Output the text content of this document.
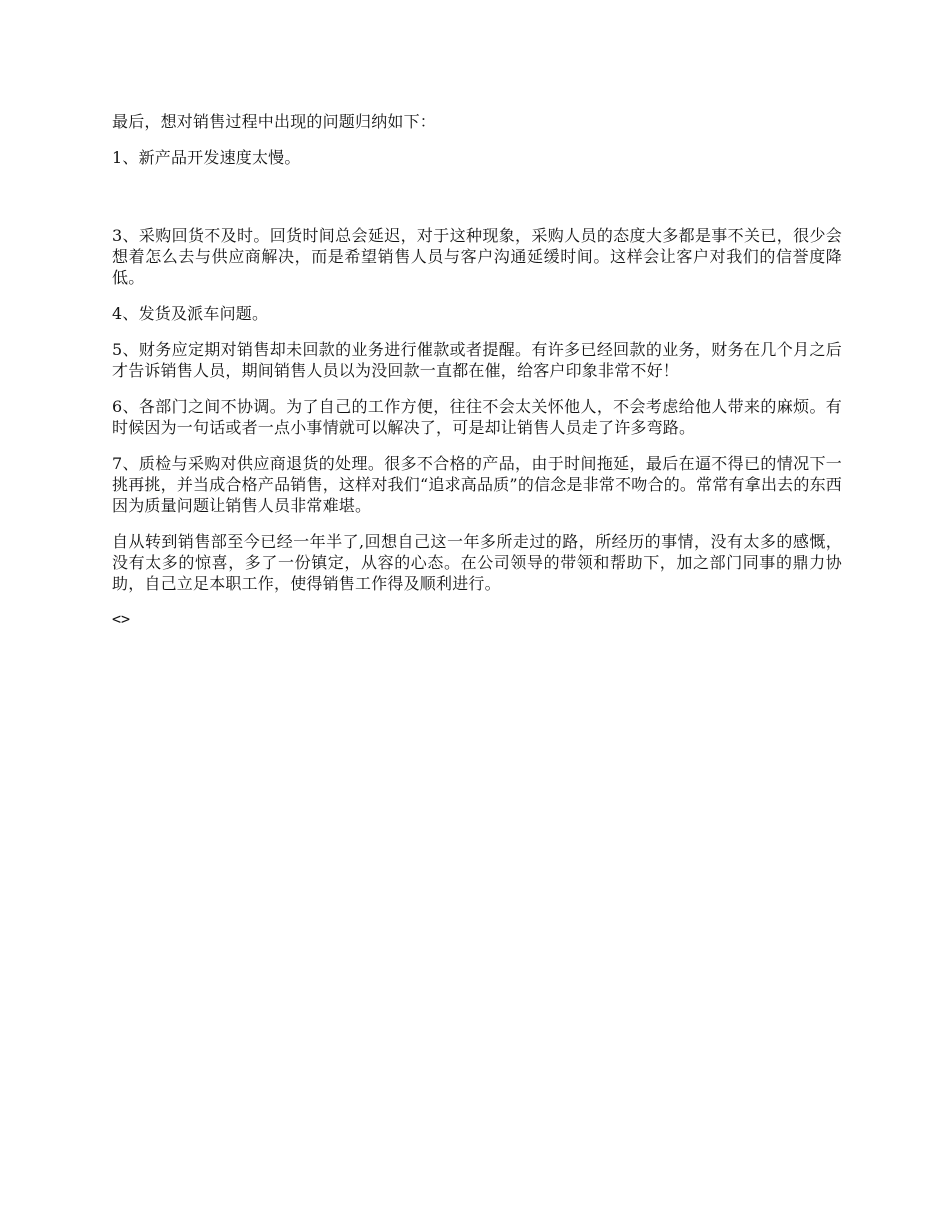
最后，想对销售过程中出现的问题归纳如下：

1、新产品开发速度太慢。

3、采购回货不及时。回货时间总会延迟，对于这种现象，采购人员的态度大多都是事不关已，很少会想着怎么去与供应商解决，而是希望销售人员与客户沟通延缓时间。这样会让客户对我们的信誉度降低。

4、发货及派车问题。

5、财务应定期对销售却未回款的业务进行催款或者提醒。有许多已经回款的业务，财务在几个月之后才告诉销售人员，期间销售人员以为没回款一直都在催，给客户印象非常不好！

6、各部门之间不协调。为了自己的工作方便，往往不会太关怀他人，不会考虑给他人带来的麻烦。有时候因为一句话或者一点小事情就可以解决了，可是却让销售人员走了许多弯路。

7、质检与采购对供应商退货的处理。很多不合格的产品，由于时间拖延，最后在逼不得已的情况下一挑再挑，并当成合格产品销售，这样对我们“追求高品质”的信念是非常不吻合的。常常有拿出去的东西因为质量问题让销售人员非常难堪。

自从转到销售部至今已经一年半了,回想自己这一年多所走过的路，所经历的事情，没有太多的感慨，没有太多的惊喜，多了一份镇定，从容的心态。在公司领导的带领和帮助下，加之部门同事的鼎力协助，自己立足本职工作，使得销售工作得及顺利进行。

<>
